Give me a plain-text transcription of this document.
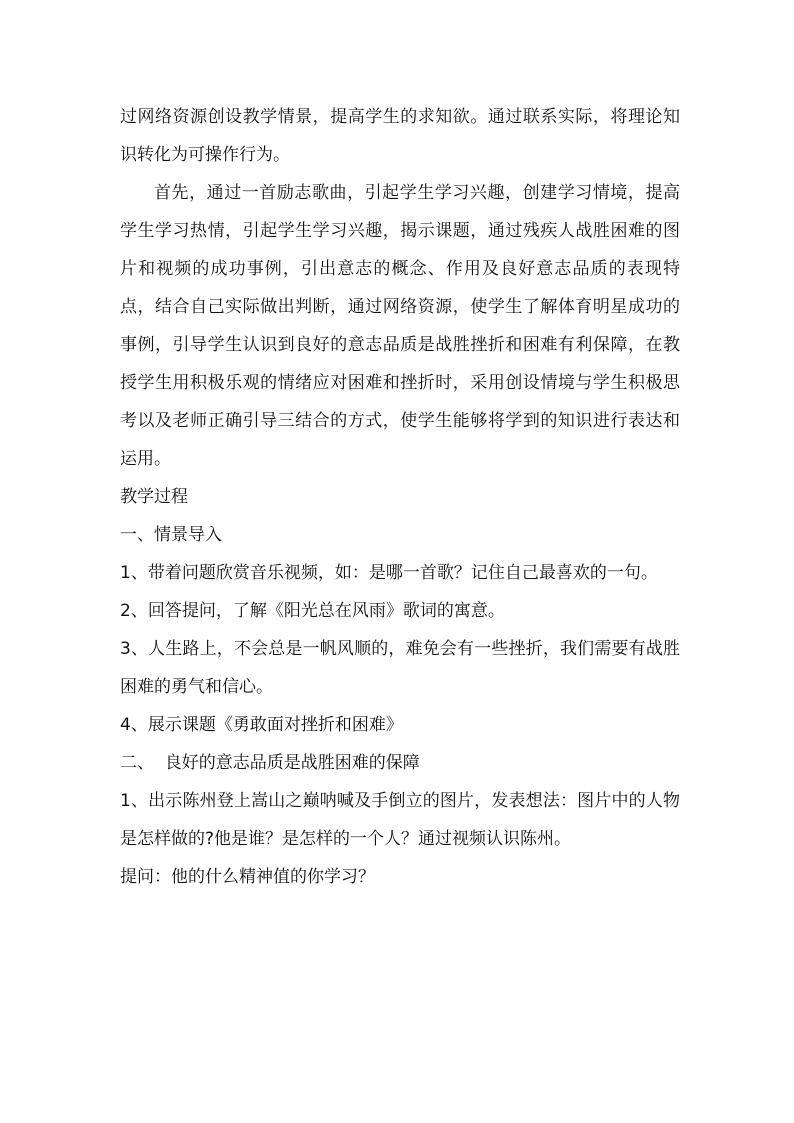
过网络资源创设教学情景，提高学生的求知欲。通过联系实际，将理论知识转化为可操作行为。

首先，通过一首励志歌曲，引起学生学习兴趣，创建学习情境，提高学生学习热情，引起学生学习兴趣，揭示课题，通过残疾人战胜困难的图片和视频的成功事例，引出意志的概念、作用及良好意志品质的表现特点，结合自己实际做出判断，通过网络资源，使学生了解体育明星成功的事例，引导学生认识到良好的意志品质是战胜挫折和困难有利保障，在教授学生用积极乐观的情绪应对困难和挫折时，采用创设情境与学生积极思考以及老师正确引导三结合的方式，使学生能够将学到的知识进行表达和运用。

教学过程

一、情景导入

1、带着问题欣赏音乐视频，如：是哪一首歌？记住自己最喜欢的一句。

2、回答提问，了解《阳光总在风雨》歌词的寓意。

3、人生路上，不会总是一帆风顺的，难免会有一些挫折，我们需要有战胜 困难的勇气和信心。

4、展示课题《勇敢面对挫折和困难》

二、  良好的意志品质是战胜困难的保障

1、出示陈州登上嵩山之巅呐喊及手倒立的图片，发表想法：图片中的人物是怎样做的?他是谁？是怎样的一个人？通过视频认识陈州。

提问：他的什么精神值的你学习？
